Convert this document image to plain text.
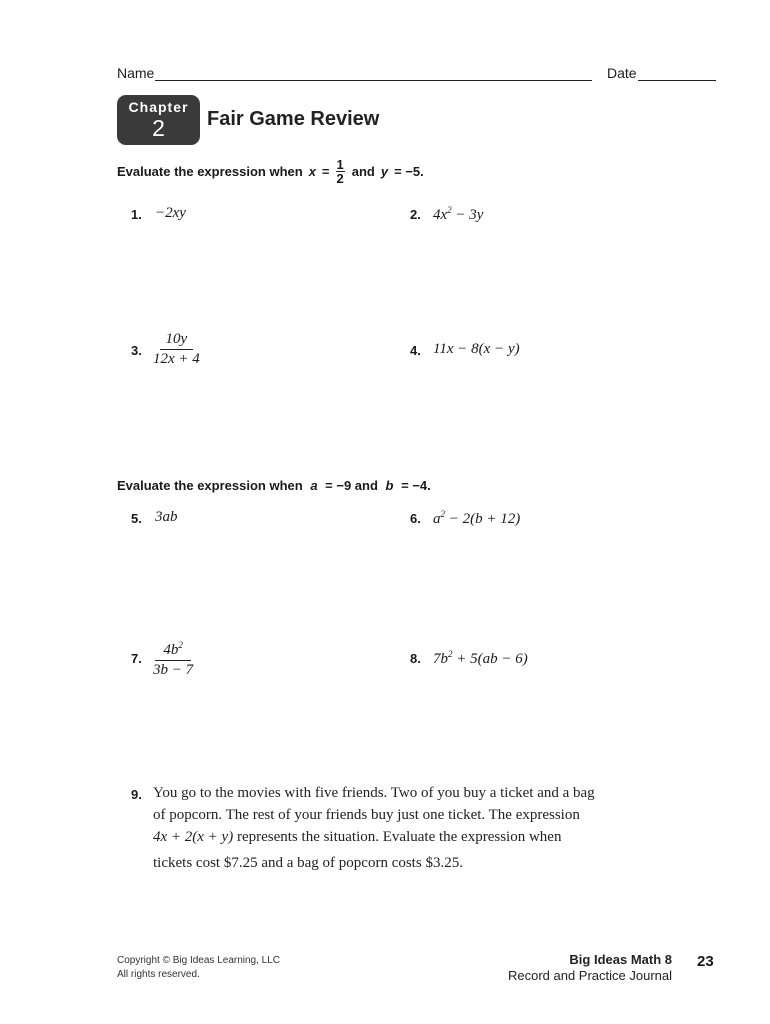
Name	Date
Chapter
2	Fair Game Review
Evaluate the expression when $x = \frac{1}{2}$ and y = −5.
1. −2xy	2. $4x^2 - 3y$
3. $\frac{10y}{12x + 4}$	4. 11x − 8(x − y)
Evaluate the expression when a = −9 and b = −4.
5. 3ab	6. $a^2 - 2(b + 12)$
7. $\frac{4b^2}{3b - 7}$	8. $7b^2 + 5(ab - 6)$
9. You go to the movies with five friends. Two of you buy a ticket and a bag
of popcorn. The rest of your friends buy just one ticket. The expression
4x + 2(x + y) represents the situation. Evaluate the expression when
tickets cost $7.25 and a bag of popcorn costs $3.25.
Copyright © Big Ideas Learning, LLC
All rights reserved.
Big Ideas Math 8
Record and Practice Journal
23
